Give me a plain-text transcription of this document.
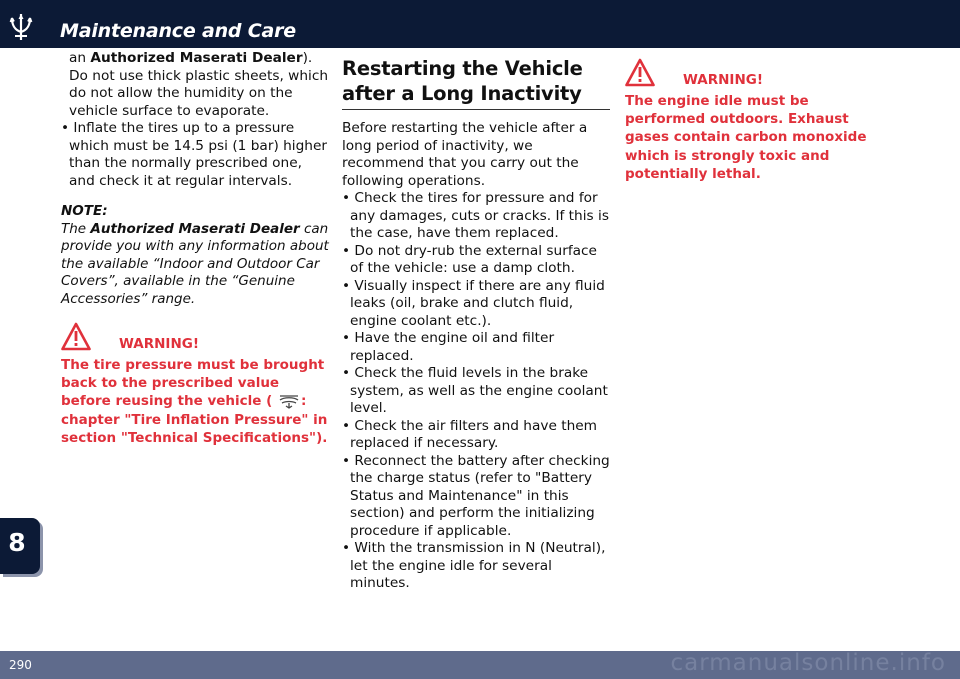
Maintenance and Care
8

an Authorized Maserati Dealer). Do not use thick plastic sheets, which do not allow the humidity on the vehicle surface to evaporate.

• Inflate the tires up to a pressure which must be 14.5 psi (1 bar) higher than the normally prescribed one, and check it at regular intervals.

NOTE:

The Authorized Maserati Dealer can provide you with any information about the available “Indoor and Outdoor Car Covers”, available in the “Genuine Accessories” range.

WARNING!

The tire pressure must be brought back to the prescribed value before reusing the vehicle ( : chapter "Tire Inflation Pressure" in section "Technical Specifications").

Restarting the Vehicle after a Long Inactivity

Before restarting the vehicle after a long period of inactivity, we recommend that you carry out the following operations.

• Check the tires for pressure and for any damages, cuts or cracks. If this is the case, have them replaced.

• Do not dry-rub the external surface of the vehicle: use a damp cloth.

• Visually inspect if there are any fluid leaks (oil, brake and clutch fluid, engine coolant etc.).

• Have the engine oil and filter replaced.

• Check the fluid levels in the brake system, as well as the engine coolant level.

• Check the air filters and have them replaced if necessary.

• Reconnect the battery after checking the charge status (refer to "Battery Status and Maintenance" in this section) and perform the initializing procedure if applicable.

• With the transmission in N (Neutral), let the engine idle for several minutes.

WARNING!

The engine idle must be performed outdoors. Exhaust gases contain carbon monoxide which is strongly toxic and potentially lethal.

290	carmanualsonline.info
